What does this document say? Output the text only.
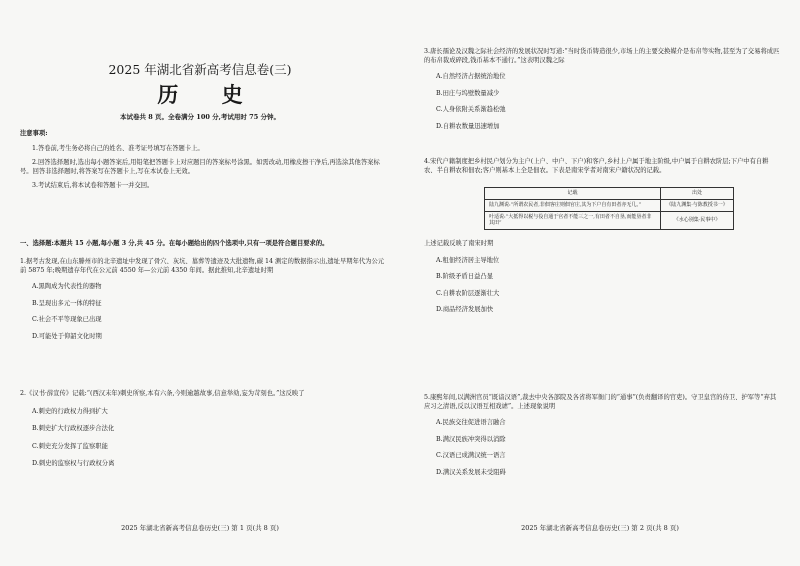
2025 年湖北省新高考信息卷(三)
历 史
本试卷共 8 页。全卷满分 100 分,考试用时 75 分钟。
注意事项:
1.答卷前,考生务必将自己的姓名、准考证号填写在答题卡上。
2.回答选择题时,选出每小题答案后,用铅笔把答题卡上对应题目的答案标号涂黑。如需改动,用橡皮擦干净后,再选涂其他答案标号。回答非选择题时,将答案写在答题卡上,写在本试卷上无效。
3.考试结束后,将本试卷和答题卡一并交回。
一、选择题:本题共 15 小题,每小题 3 分,共 45 分。在每小题给出的四个选项中,只有一项是符合题目要求的。
1.据考古发现,在山东滕州市的北辛遗址中发现了骨穴、灰坑、墓葬等遗迹及大批遗物,碳 14 测定的数据指示出,遗址早期年代为公元前 5875 年;晚期遗存年代在公元前 4550 年—公元前 4350 年间。据此推知,北辛遗址时期
A.黑陶成为代表性的器物
B.呈现出多元一体的特征
C.社会不平等现象已出现
D.可能处于仰韶文化时期
2.《汉书·薛宣传》记载:“(西汉末年)刺史所察,本有六条,今则逾越故事,信意举劾,妄为苛刻也。”这反映了
A.刺史的行政权力得到扩大
B.刺史扩大行政权逐步合法化
C.刺史充分发挥了监察职能
D.刺史的监察权与行政权分离
2025 年湖北省新高考信息卷历史(三) 第 1 页(共 8 页)
3.唐长孺论及汉魏之际社会经济的发展状况时写道:“当时货币铸造很少,市场上的主要交换媒介是布帛等实物,甚至为了交易将成匹的布帛裁成碎段,钱币基本不通行。”这表明汉魏之际
A.自然经济占据统治地位
B.田庄与坞壁数量减少
C.人身依附关系渐趋松弛
D.自耕农数量迅速增加
4.宋代户籍制度把乡村民户划分为主户(上户、中户、下户)和客户,乡村上户属于地主阶级,中户属于自耕农阶层;下户中有自耕农、半自耕农和佃农;客户则基本上全是佃农。下表是南宋学者对南宋户籍状况的记载。
记载	出处
陆九渊说:“所谓农民者,非佃客庄则佃官庄,其为下户自有田者亦无几。”	《陆九渊集·与陈教授书一》
叶适说:“大抵得以税与役自通于官者不能三之一,有田者不自垦,而能垦者非其田”	《水心别集·民事中》
上述记载反映了南宋时期
A.租佃经济居主导地位
B.阶级矛盾日益凸显
C.自耕农阶层逐渐壮大
D.商品经济发展加快
5.康熙年间,以满洲官员“既谙汉语”,裁去中央各部院及各省将军衙门的“通事”(负责翻译的官吏)。守卫皇宫的侍卫、护军等“弃其应习之清语,反以汉语互相戏谑”。上述现象说明
A.民族交往促进语言融合
B.满汉民族冲突得以消除
C.汉语已成满汉统一语言
D.满汉关系发展未受阻碍
2025 年湖北省新高考信息卷历史(三) 第 2 页(共 8 页)
